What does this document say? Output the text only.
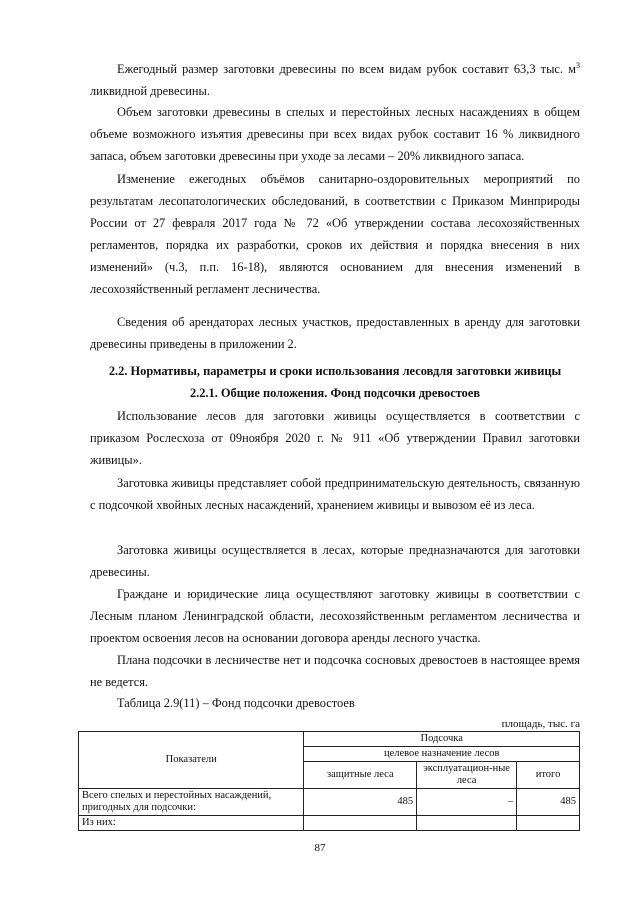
Ежегодный размер заготовки древесины по всем видам рубок составит 63,3 тыс. $м^3$ ликвидной древесины.

Объем заготовки древесины в спелых и перестойных лесных насаждениях в общем объеме возможного изъятия древесины при всех видах рубок составит 16 % ликвидного запаса, объем заготовки древесины при уходе за лесами – 20% ликвидного запаса.

Изменение ежегодных объёмов санитарно-оздоровительных мероприятий по результатам лесопатологических обследований, в соответствии с Приказом Минприроды России от 27 февраля 2017 года № 72 «Об утверждении состава лесохозяйственных регламентов, порядка их разработки, сроков их действия и порядка внесения в них изменений» (ч.3, п.п. 16-18), являются основанием для внесения изменений в лесохозяйственный регламент лесничества.

Сведения об арендаторах лесных участков, предоставленных в аренду для заготовки древесины приведены в приложении 2.

2.2. Нормативы, параметры и сроки использования лесовдля заготовки живицы

2.2.1. Общие положения. Фонд подсочки древостоев

Использование лесов для заготовки живицы осуществляется в соответствии с приказом Рослесхоза от 09ноября 2020 г. № 911 «Об утверждении Правил заготовки живицы».

Заготовка живицы представляет собой предпринимательскую деятельность, связанную с подсочкой хвойных лесных насаждений, хранением живицы и вывозом её из леса.

Заготовка живицы осуществляется в лесах, которые предназначаются для заготовки древесины.

Граждане и юридические лица осуществляют заготовку живицы в соответствии с Лесным планом Ленинградской области, лесохозяйственным регламентом лесничества и проектом освоения лесов на основании договора аренды лесного участка.

Плана подсочки в лесничестве нет и подсочка сосновых древостоев в настоящее время не ведется.

Таблица 2.9(11) – Фонд подсочки древостоев

площадь, тыс. га

Показатели	Подсочка		
	целевое назначение лесов		
	защитные леса	эксплуатацион-ные леса	итого
Всего спелых и перестойных насаждений, пригодных для подсочки:	485	–	485
Из них:			

87
